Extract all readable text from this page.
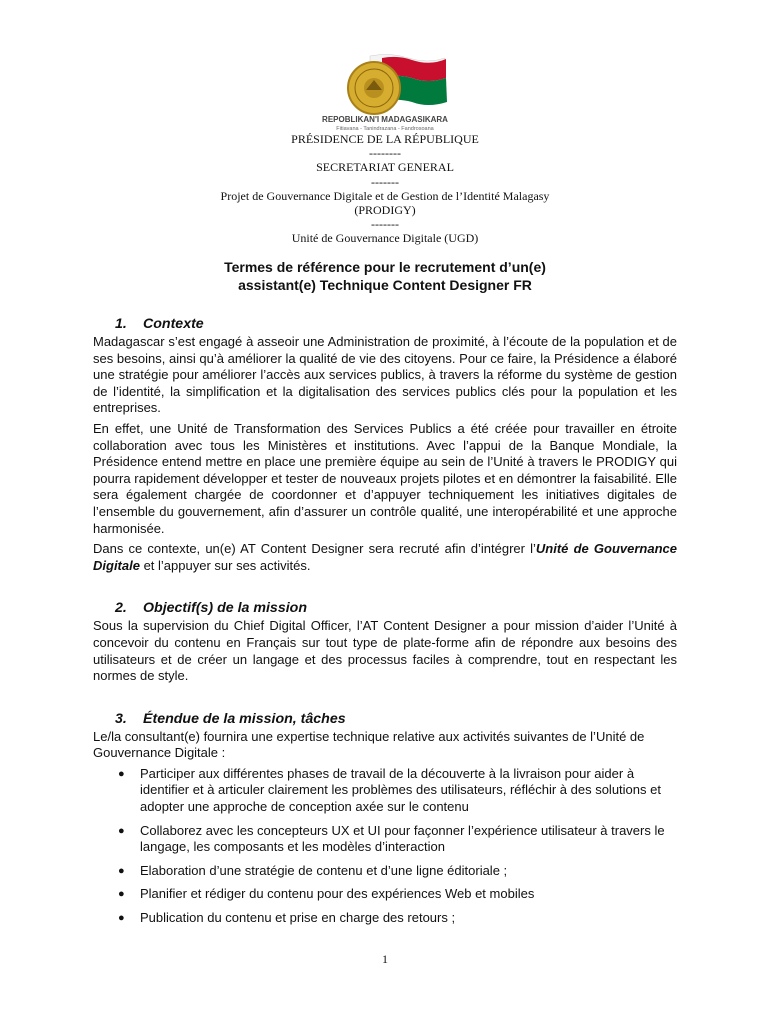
REPOBLIKAN'I MADAGASIKARA
Fitiavana - Tanindrazana - Fandrosoana
PRÉSIDENCE DE LA RÉPUBLIQUE
--------
SECRETARIAT GENERAL
-------
Projet de Gouvernance Digitale et de Gestion de l’Identité Malagasy
(PRODIGY)
-------
Unité de Gouvernance Digitale (UGD)
Termes de référence pour le recrutement d’un(e)
assistant(e) Technique Content Designer FR
1. Contexte

Madagascar s’est engagé à asseoir une Administration de proximité, à l’écoute de la population et de ses besoins, ainsi qu’à améliorer la qualité de vie des citoyens. Pour ce faire, la Présidence a élaboré une stratégie pour améliorer l’accès aux services publics, à travers la réforme du système de gestion de l’identité, la simplification et la digitalisation des services publics clés pour la population et les entreprises.

En effet, une Unité de Transformation des Services Publics a été créée pour travailler en étroite collaboration avec tous les Ministères et institutions. Avec l’appui de la Banque Mondiale, la Présidence entend mettre en place une première équipe au sein de l’Unité à travers le PRODIGY qui pourra rapidement développer et tester de nouveaux projets pilotes et en démontrer la faisabilité. Elle sera également chargée de coordonner et d’appuyer techniquement les initiatives digitales de l’ensemble du gouvernement, afin d’assurer un contrôle qualité, une interopérabilité et une approche harmonisée.

Dans ce contexte, un(e) AT Content Designer sera recruté afin d’intégrer l’Unité de Gouvernance Digitale et l’appuyer sur ses activités.

2. Objectif(s) de la mission

Sous la supervision du Chief Digital Officer, l’AT Content Designer a pour mission d’aider l’Unité à concevoir du contenu en Français sur tout type de plate-forme afin de répondre aux besoins des utilisateurs et de créer un langage et des processus faciles à comprendre, tout en respectant les normes de style.

3. Étendue de la mission, tâches

Le/la consultant(e) fournira une expertise technique relative aux activités suivantes de l’Unité de Gouvernance Digitale :

● Participer aux différentes phases de travail de la découverte à la livraison pour aider à identifier et à articuler clairement les problèmes des utilisateurs, réfléchir à des solutions et adopter une approche de conception axée sur le contenu
● Collaborez avec les concepteurs UX et UI pour façonner l’expérience utilisateur à travers le langage, les composants et les modèles d’interaction
● Elaboration d’une stratégie de contenu et d’une ligne éditoriale ;
● Planifier et rédiger du contenu pour des expériences Web et mobiles
● Publication du contenu et prise en charge des retours ;
1
